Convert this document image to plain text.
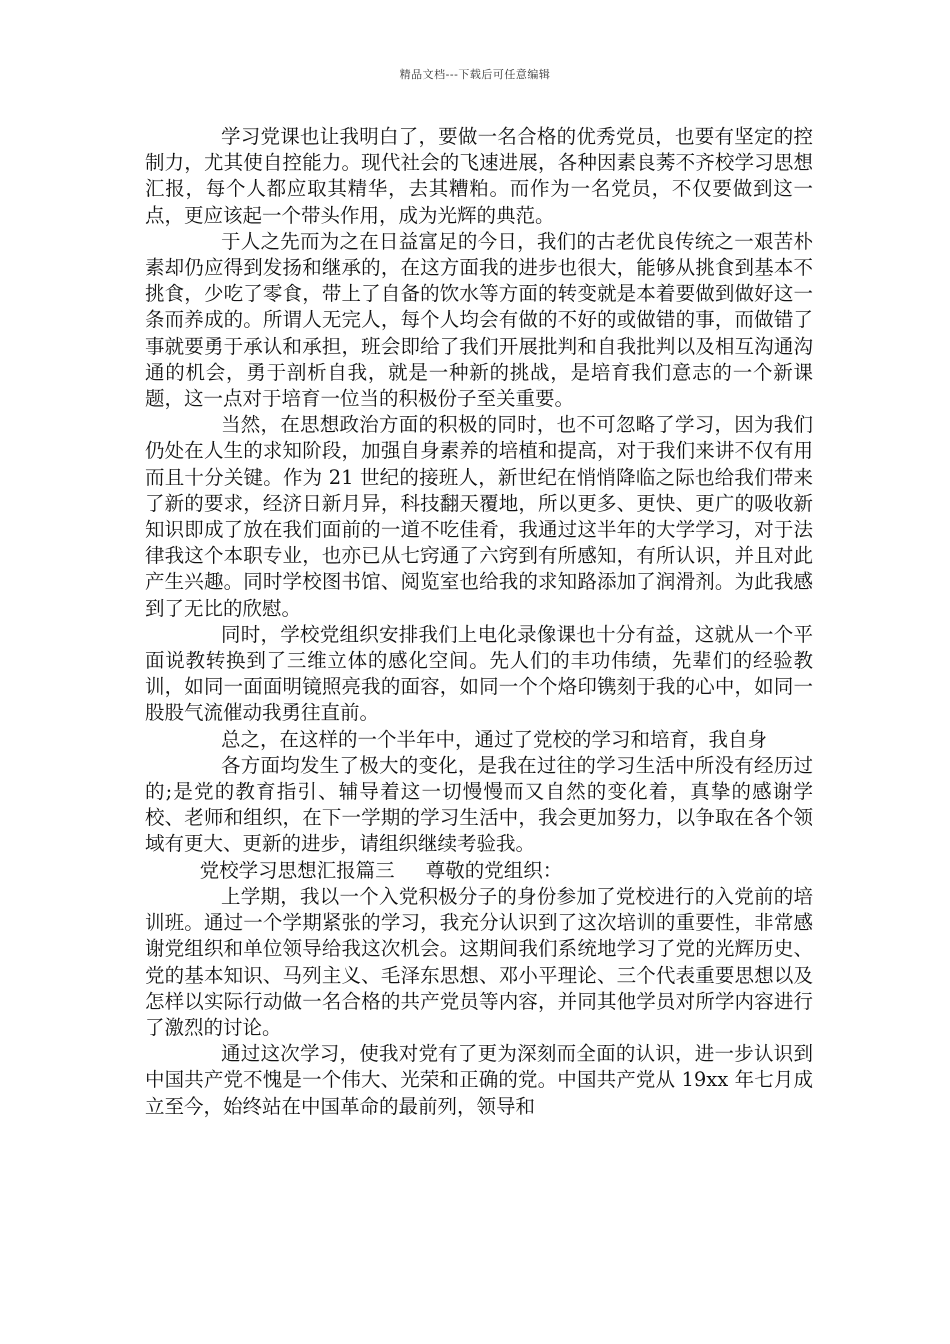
精品文档---下载后可任意编辑

学习党课也让我明白了，要做一名合格的优秀党员，也要有坚定的控制力，尤其使自控能力。现代社会的飞速进展，各种因素良莠不齐校学习思想汇报，每个人都应取其精华，去其糟粕。而作为一名党员，不仅要做到这一点，更应该起一个带头作用，成为光辉的典范。

于人之先而为之在日益富足的今日，我们的古老优良传统之一艰苦朴素却仍应得到发扬和继承的，在这方面我的进步也很大，能够从挑食到基本不挑食，少吃了零食，带上了自备的饮水等方面的转变就是本着要做到做好这一条而养成的。所谓人无完人，每个人均会有做的不好的或做错的事，而做错了事就要勇于承认和承担，班会即给了我们开展批判和自我批判以及相互沟通沟通的机会，勇于剖析自我，就是一种新的挑战，是培育我们意志的一个新课题，这一点对于培育一位当的积极份子至关重要。

当然，在思想政治方面的积极的同时，也不可忽略了学习，因为我们仍处在人生的求知阶段，加强自身素养的培植和提高，对于我们来讲不仅有用而且十分关键。作为 21 世纪的接班人，新世纪在悄悄降临之际也给我们带来了新的要求，经济日新月异，科技翻天覆地，所以更多、更快、更广的吸收新知识即成了放在我们面前的一道不吃佳肴，我通过这半年的大学学习，对于法律我这个本职专业，也亦已从七窍通了六窍到有所感知，有所认识，并且对此产生兴趣。同时学校图书馆、阅览室也给我的求知路添加了润滑剂。为此我感到了无比的欣慰。

同时，学校党组织安排我们上电化录像课也十分有益，这就从一个平面说教转换到了三维立体的感化空间。先人们的丰功伟绩，先辈们的经验教训，如同一面面明镜照亮我的面容，如同一个个烙印镌刻于我的心中，如同一股股气流催动我勇往直前。

总之，在这样的一个半年中，通过了党校的学习和培育，我自身

各方面均发生了极大的变化，是我在过往的学习生活中所没有经历过的;是党的教育指引、辅导着这一切慢慢而又自然的变化着，真挚的感谢学校、老师和组织，在下一学期的学习生活中，我会更加努力，以争取在各个领域有更大、更新的进步，请组织继续考验我。

党校学习思想汇报篇三 尊敬的党组织：

上学期，我以一个入党积极分子的身份参加了党校进行的入党前的培训班。通过一个学期紧张的学习，我充分认识到了这次培训的重要性，非常感谢党组织和单位领导给我这次机会。这期间我们系统地学习了党的光辉历史、党的基本知识、马列主义、毛泽东思想、邓小平理论、三个代表重要思想以及怎样以实际行动做一名合格的共产党员等内容，并同其他学员对所学内容进行了激烈的讨论。

通过这次学习，使我对党有了更为深刻而全面的认识，进一步认识到中国共产党不愧是一个伟大、光荣和正确的党。中国共产党从 19xx 年七月成立至今，始终站在中国革命的最前列，领导和
